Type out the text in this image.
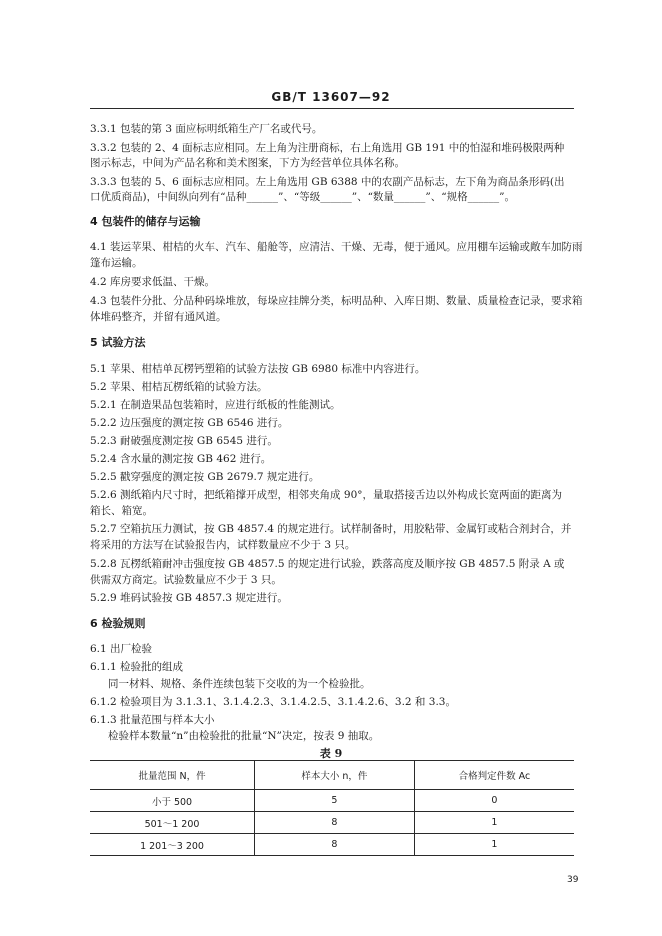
GB/T 13607—92
3.3.1 包装的第 3 面应标明纸箱生产厂名或代号。
3.3.2 包装的 2、4 面标志应相同。左上角为注册商标，右上角选用 GB 191 中的怕湿和堆码极限两种
图示标志，中间为产品名称和美术图案，下方为经营单位具体名称。
3.3.3 包装的 5、6 面标志应相同。左上角选用 GB 6388 中的农副产品标志，左下角为商品条形码(出
口优质商品)，中间纵向列有“品种______”、“等级______”、“数量______”、“规格______”。
4 包装件的储存与运输
4.1 装运苹果、柑桔的火车、汽车、船舱等，应清洁、干燥、无毒，便于通风。应用棚车运输或敞车加防雨
篷布运输。
4.2 库房要求低温、干燥。
4.3 包装件分批、分品种码垛堆放，每垛应挂牌分类，标明品种、入库日期、数量、质量检查记录，要求箱
体堆码整齐，并留有通风道。
5 试验方法
5.1 苹果、柑桔单瓦楞钙塑箱的试验方法按 GB 6980 标准中内容进行。
5.2 苹果、柑桔瓦楞纸箱的试验方法。
5.2.1 在制造果品包装箱时，应进行纸板的性能测试。
5.2.2 边压强度的测定按 GB 6546 进行。
5.2.3 耐破强度测定按 GB 6545 进行。
5.2.4 含水量的测定按 GB 462 进行。
5.2.5 戳穿强度的测定按 GB 2679.7 规定进行。
5.2.6 测纸箱内尺寸时，把纸箱撑开成型，相邻夹角成 90°，量取搭接舌边以外构成长宽两面的距离为
箱长、箱宽。
5.2.7 空箱抗压力测试，按 GB 4857.4 的规定进行。试样制备时，用胶粘带、金属钉或粘合剂封合，并
将采用的方法写在试验报告内，试样数量应不少于 3 只。
5.2.8 瓦楞纸箱耐冲击强度按 GB 4857.5 的规定进行试验，跌落高度及顺序按 GB 4857.5 附录 A 或
供需双方商定。试验数量应不少于 3 只。
5.2.9 堆码试验按 GB 4857.3 规定进行。
6 检验规则
6.1 出厂检验
6.1.1 检验批的组成
同一材料、规格、条件连续包装下交收的为一个检验批。
6.1.2 检验项目为 3.1.3.1、3.1.4.2.3、3.1.4.2.5、3.1.4.2.6、3.2 和 3.3。
6.1.3 批量范围与样本大小
检验样本数量“n”由检验批的批量“N”决定，按表 9 抽取。
表 9
批量范围 N，件	样本大小 n，件	合格判定件数 Ac
小于 500	5	0
501～1 200	8	1
1 201～3 200	8	1
39
